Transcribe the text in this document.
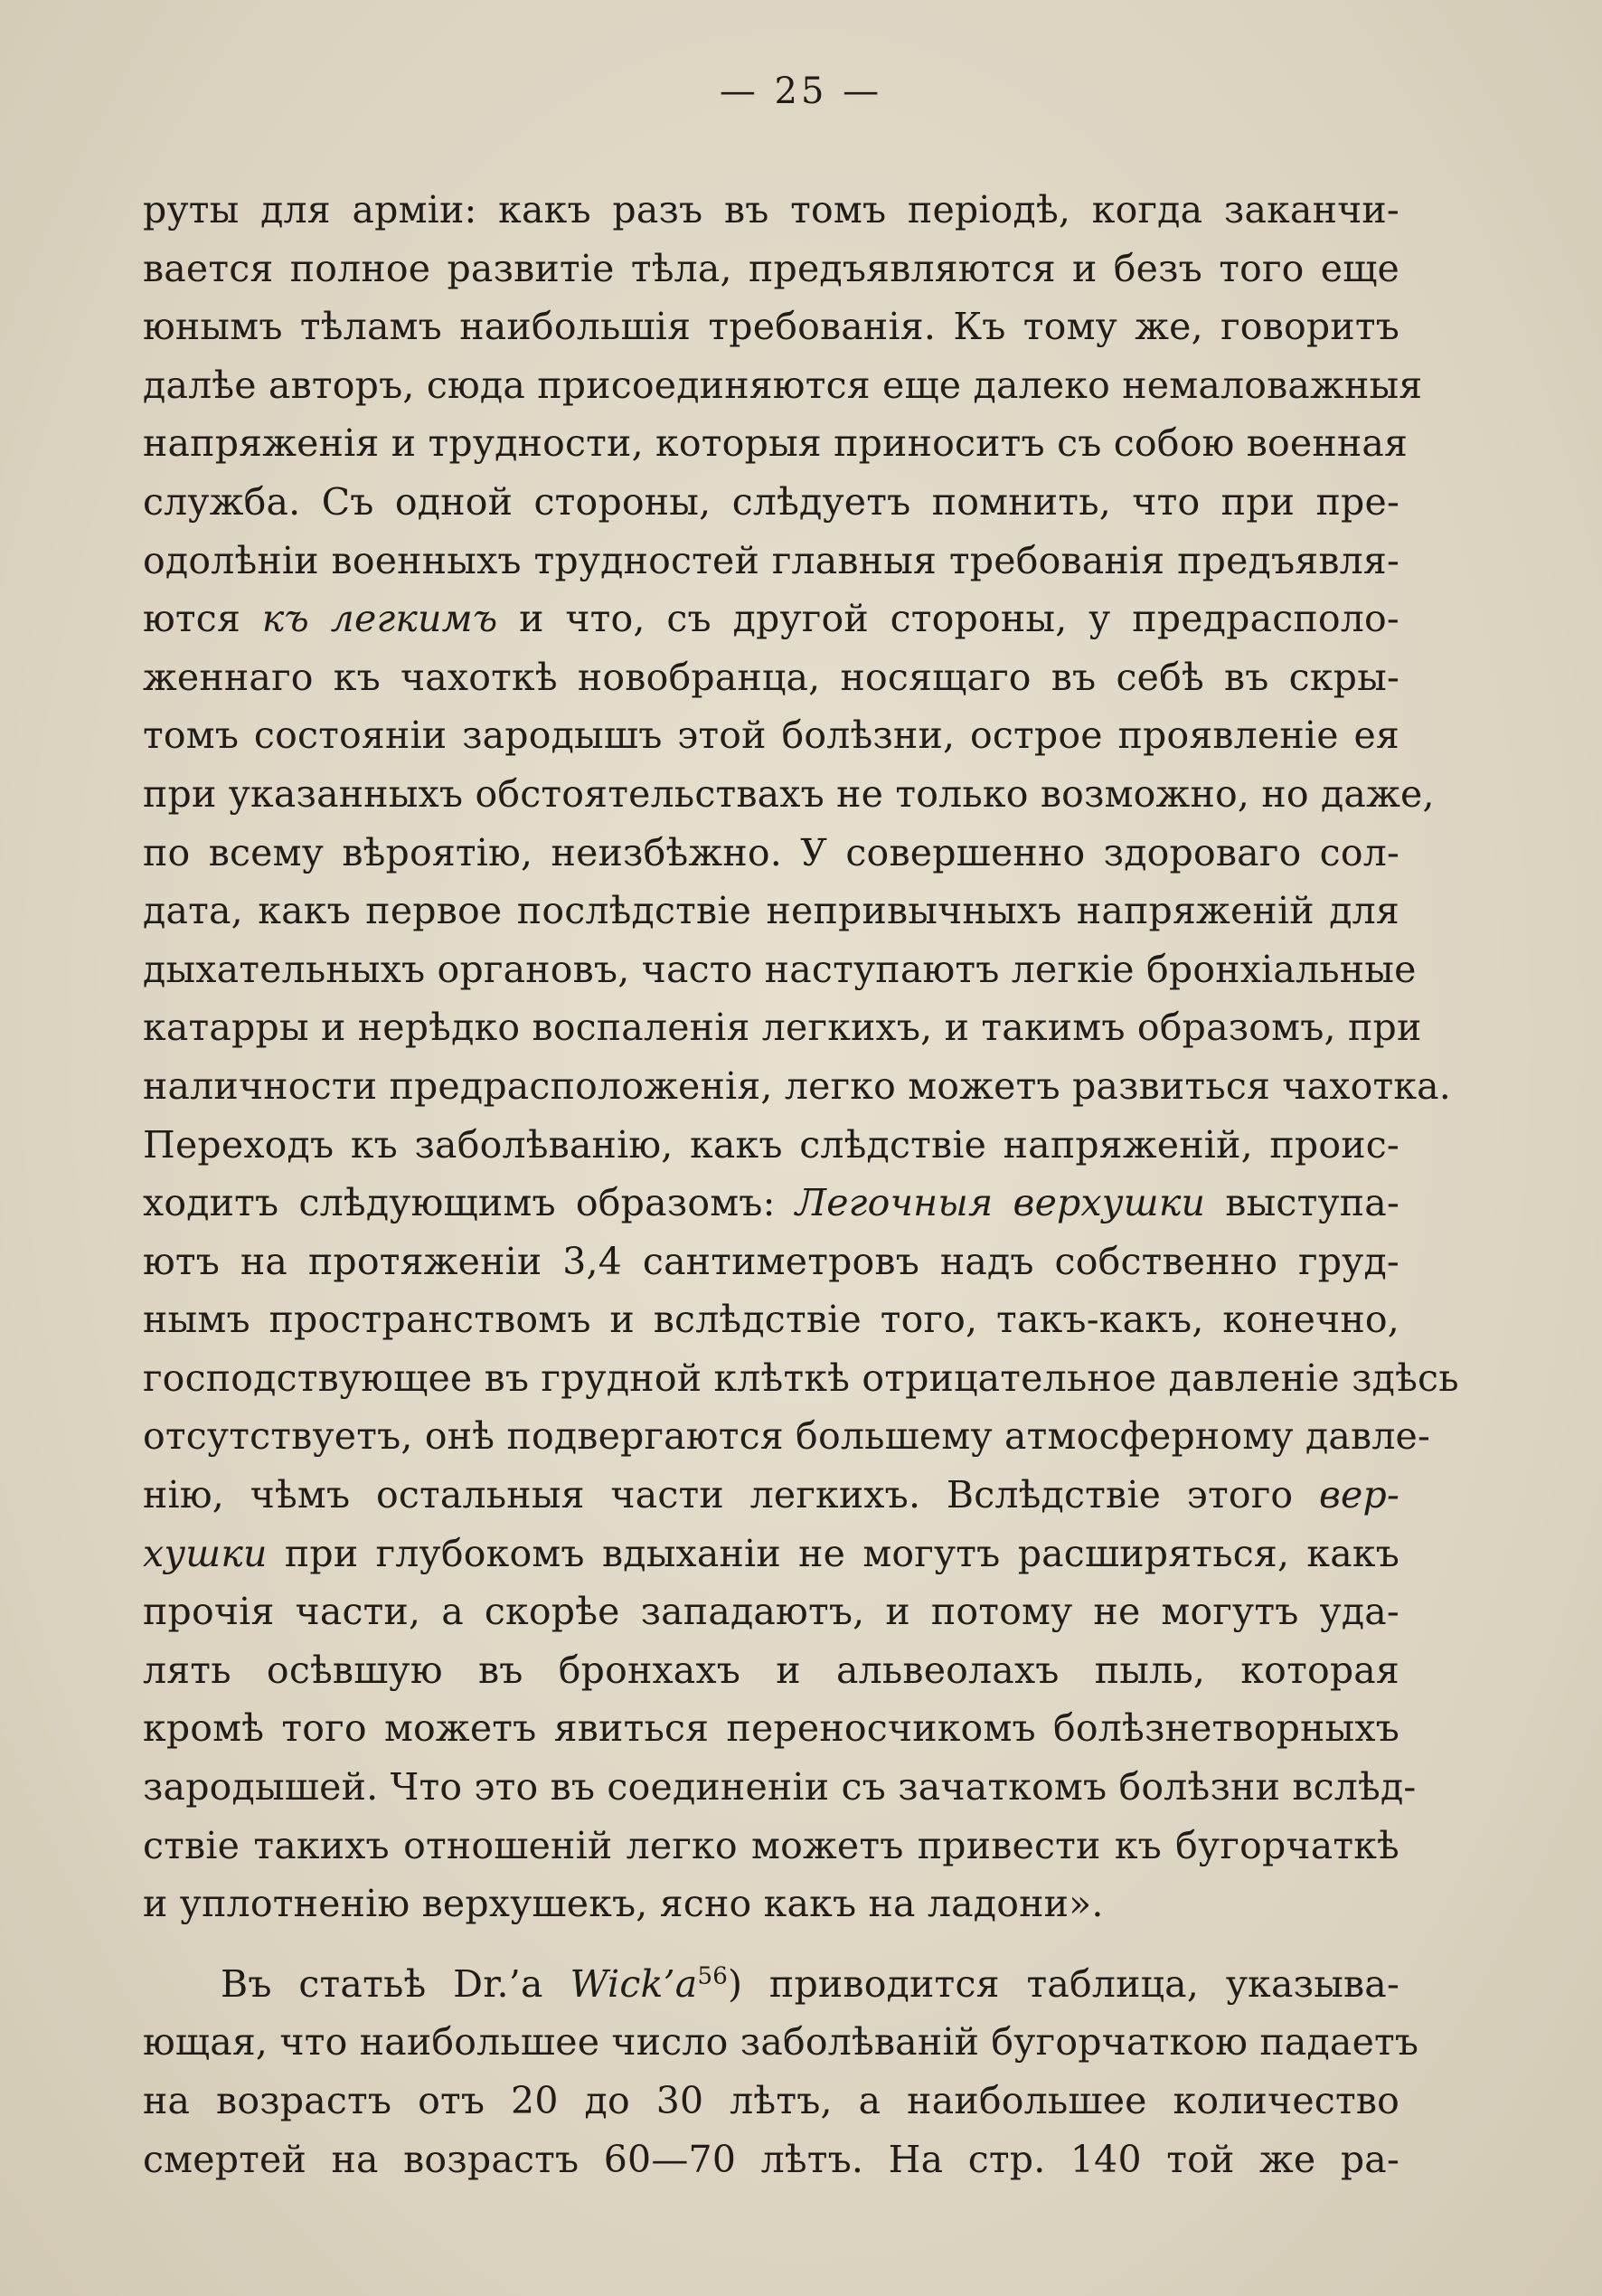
— 25 —
руты для арміи: какъ разъ въ томъ періодѣ, когда заканчи-
вается полное развитіе тѣла, предъявляются и безъ того еще
юнымъ тѣламъ наибольшія требованія. Къ тому же, говоритъ
далѣе авторъ, сюда присоединяются еще далеко немаловажныя
напряженія и трудности, которыя приноситъ съ собою военная
служба. Съ одной стороны, слѣдуетъ помнить, что при пре-
одолѣніи военныхъ трудностей главныя требованія предъявля-
ются къ легкимъ и что, съ другой стороны, у предрасполо-
женнаго къ чахоткѣ новобранца, носящаго въ себѣ въ скры-
томъ состояніи зародышъ этой болѣзни, острое проявленіе ея
при указанныхъ обстоятельствахъ не только возможно, но даже,
по всему вѣроятію, неизбѣжно. У совершенно здороваго сол-
дата, какъ первое послѣдствіе непривычныхъ напряженій для
дыхательныхъ органовъ, часто наступаютъ легкіе бронхіальные
катарры и нерѣдко воспаленія легкихъ, и такимъ образомъ, при
наличности предрасположенія, легко можетъ развиться чахотка.
Переходъ къ заболѣванію, какъ слѣдствіе напряженій, проис-
ходитъ слѣдующимъ образомъ: Легочныя верхушки выступа-
ютъ на протяженіи 3,4 сантиметровъ надъ собственно груд-
нымъ пространствомъ и вслѣдствіе того, такъ-какъ, конечно,
господствующее въ грудной клѣткѣ отрицательное давленіе здѣсь
отсутствуетъ, онѣ подвергаются большему атмосферному давле-
нію, чѣмъ остальныя части легкихъ. Вслѣдствіе этого вер-
хушки при глубокомъ вдыханіи не могутъ расширяться, какъ
прочія части, а скорѣе западаютъ, и потому не могутъ уда-
лять осѣвшую въ бронхахъ и альвеолахъ пыль, которая
кромѣ того можетъ явиться переносчикомъ болѣзнетворныхъ
зародышей. Что это въ соединеніи съ зачаткомъ болѣзни вслѣд-
ствіе такихъ отношеній легко можетъ привести къ бугорчаткѣ
и уплотненію верхушекъ, ясно какъ на ладони».
Въ статьѣ Dr.’а $Wick’a^{56}$) приводится таблица, указыва-
ющая, что наибольшее число заболѣваній бугорчаткою падаетъ
на возрастъ отъ 20 до 30 лѣтъ, а наибольшее количество
смертей на возрастъ 60—70 лѣтъ. На стр. 140 той же ра-
